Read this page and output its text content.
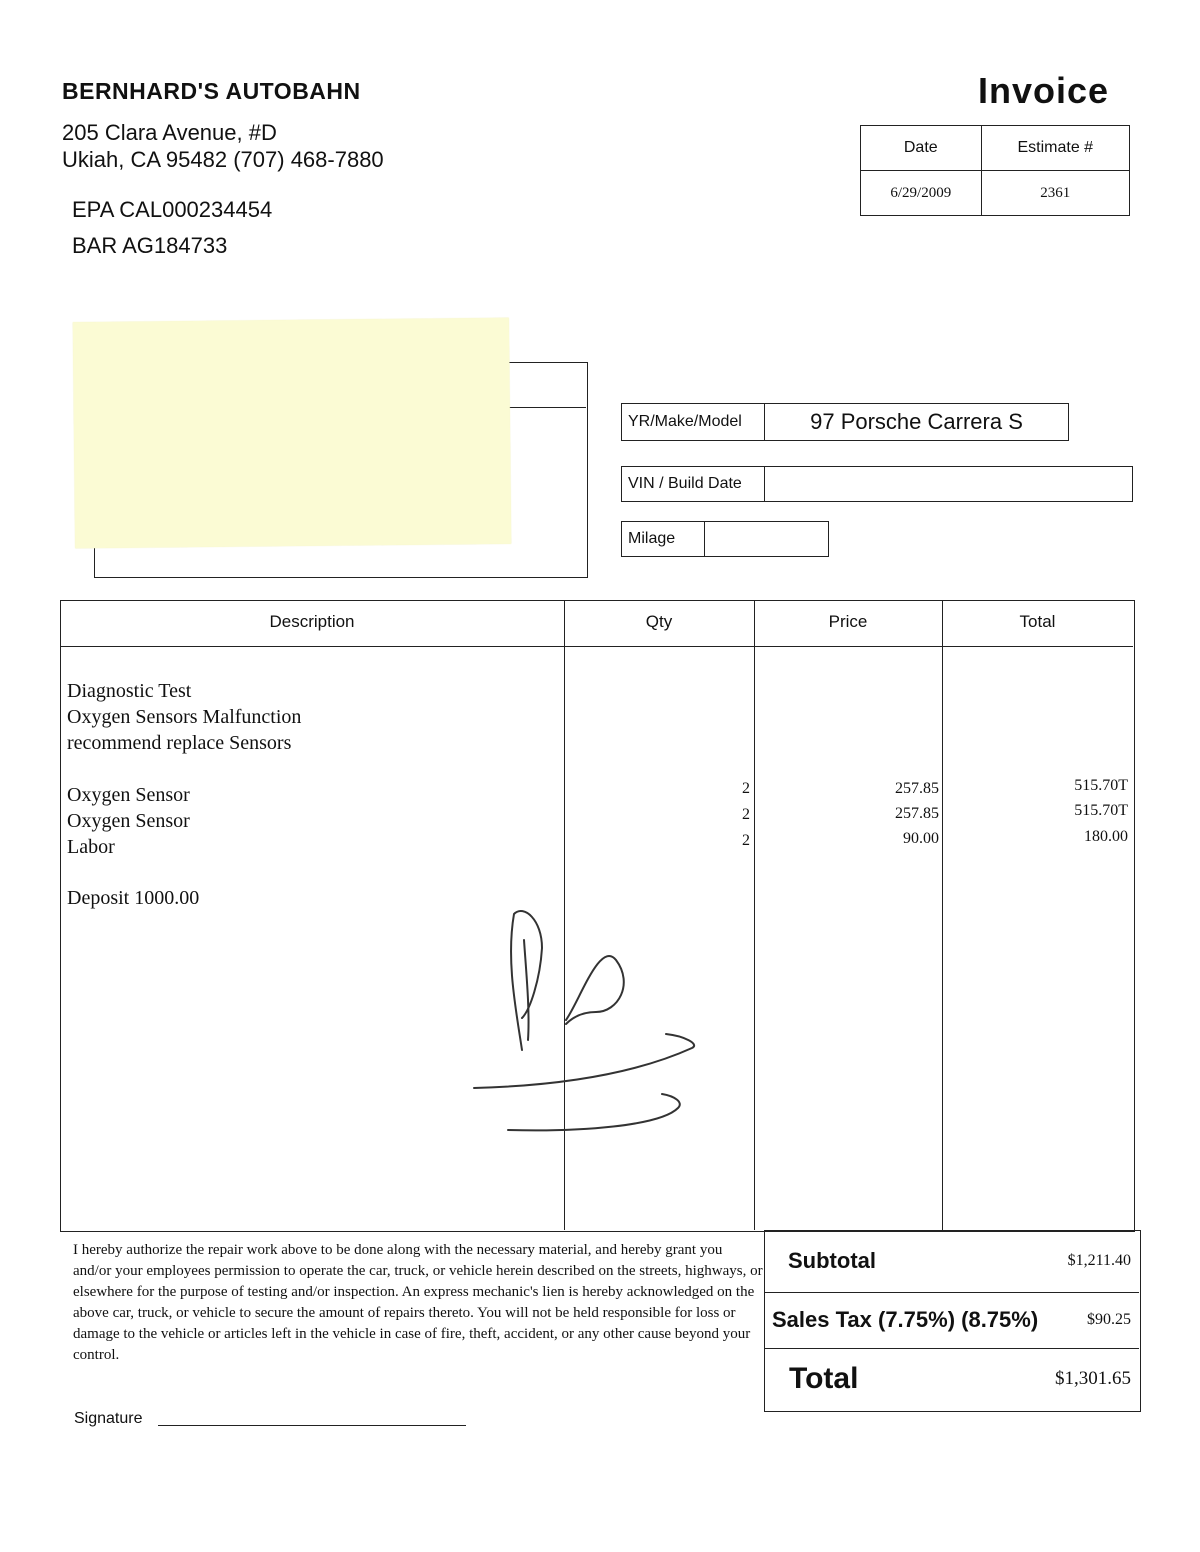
BERNHARD'S AUTOBAHN
205 Clara Avenue, #D
Ukiah, CA 95482 (707) 468-7880
EPA CAL000234454
BAR AG184733
Invoice
Date	Estimate #
6/29/2009	2361
YR/Make/Model	97 Porsche Carrera S
VIN / Build Date
Milage
Description	Qty	Price	Total
Diagnostic Test
Oxygen Sensors Malfunction
recommend replace Sensors
Oxygen Sensor	2	257.85	515.70T
Oxygen Sensor	2	257.85	515.70T
Labor	2	90.00	180.00
Deposit 1000.00
I hereby authorize the repair work above to be done along with the necessary material, and hereby grant you and/or your employees permission to operate the car, truck, or vehicle herein described on the streets, highways, or elsewhere for the purpose of testing and/or inspection. An express mechanic's lien is hereby acknowledged on the above car, truck, or vehicle to secure the amount of repairs thereto. You will not be held responsible for loss or damage to the vehicle or articles left in the vehicle in case of fire, theft, accident, or any other cause beyond your control.
Signature
Subtotal	$1,211.40
Sales Tax (7.75%) (8.75%)	$90.25
Total	$1,301.65
